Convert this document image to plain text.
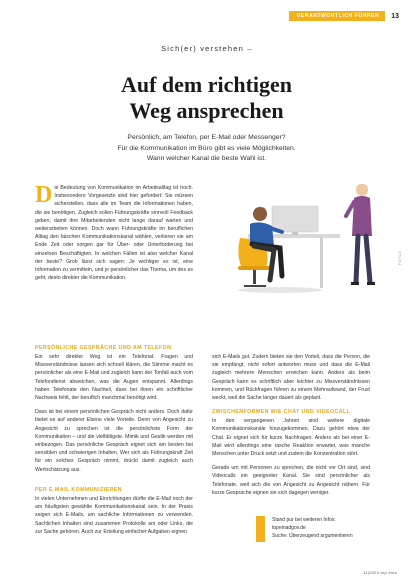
VERANTWORTLICH FÜHREN	13
Sich(er) verstehen
Auf dem richtigen
Weg ansprechen
Persönlich, am Telefon, per E-Mail oder Messenger?
Für die Kommunikation im Büro gibt es viele Möglichkeiten.
Wann welcher Kanal die beste Wahl ist.
D ie Bedeutung von Kommunikation im Arbeitsalltag ist hoch. Insbesondere Vorgesetzte sind hier gefordert: Sie müssen sicherstellen, dass alle im Team die Informationen haben, die sie benötigen. Zugleich sollen Führungskräfte sinnvoll Feedback geben, damit ihre Mitarbeitenden nicht lange darauf warten und weiterarbeiten können. Doch wann Führungskräfte im beruflichen Alltag den falschen Kommunikationskanal wählen, verlieren sie am Ende Zeit oder sorgen gar für Über- oder Unterforderung bei einzelnen Beschäftigten. In welchen Fällen ist also welcher Kanal der beste? Grob lässt sich sagen: Je wichtiger es ist, eine Information zu vermitteln, und je persönlicher das Thema, um des es geht, desto direkter die Kommunikation.

PERSÖNLICHE GESPRÄCHE UND AM TELEFON

Ein sehr direkter Weg ist ein Telefonat. Fragen und Missverständnisse lassen sich schnell klären, die Stimme macht es persönlicher als eine E-Mail und zugleich kann der Tonfall auch vom Telefondienst abweichen, was die Augen entspannt. Allerdings haben Telefonate den Nachteil, dass bei ihnen ein schriftlicher Nachweis fehlt, der beruflich manchmal benötigt wird.

Dass ist bei einem persönlichen Gespräch nicht anders. Doch dafür bietet es auf anderer Ebene viele Vorteile. Denn von Angesicht zu Angesicht zu sprechen ist die persönlichste Form der Kommunikation – und die vielfältigste. Mimik und Gestik werden mit einbezogen. Das persönliche Gespräch eignet sich am besten bei sensiblen und schwierigen Inhalten. Wer sich als Führungskraft Zeit für ein solches Gespräch nimmt, drückt damit zugleich auch Wertschätzung aus.

PER E-MAIL KOMMUNIZIEREN

In vielen Unternehmen und Einrichtungen dürfte die E-Mail noch der am häufigsten gewählte Kommunikationskanal sein. In der Praxis zeigen sich E-Mails, um sachliche Informationen zu verwenden. Sachlichen Inhalten sind zusammen Protokolle am oder Links, die zur Sache gehören. Auch zur Erteilung einfacher Aufgaben eignen

sich E-Mails gut. Zudem bieten sie den Vorteil, dass die Person, die sie empfängt, nicht sofort antworten muss und dass die E-Mail zugleich mehrere Menschen erreichen kann. Anders als beim Gespräch kann es schriftlich aber leichter zu Missverständnissen kommen, und Rückfragen führen zu einem Mehraufwand, der Frust weckt, weil die Sache länger dauert als geplant.

ZWISCHENFORMEN WIE CHAT UND VIDEOCALL

In den vergangenen Jahren sind weitere digitale Kommunikationskanäle hinzugekommen. Dazu gehört etwa der Chat. Er eignet sich für kurze Nachfragen. Anders als bei einer E-Mail wird allerdings eine rasche Reaktion erwartet, was manche Menschen unter Druck setzt und zudem die Konzentration stört.

Gerade um mit Personen zu sprechen, die nicht vor Ort sind, sind Videocalls ein geeigneter Kanal. Sie sind persönlicher als Telefonate, weil sich die von Angesicht zu Angesicht nähern. Für kurze Gespräche eignen sie sich dagegen weniger.

FOTOS

Stand pur bei weiteren Infos:

topeinadgov.de

Suche: Überzeugend argumentieren

11|2023 top eins
